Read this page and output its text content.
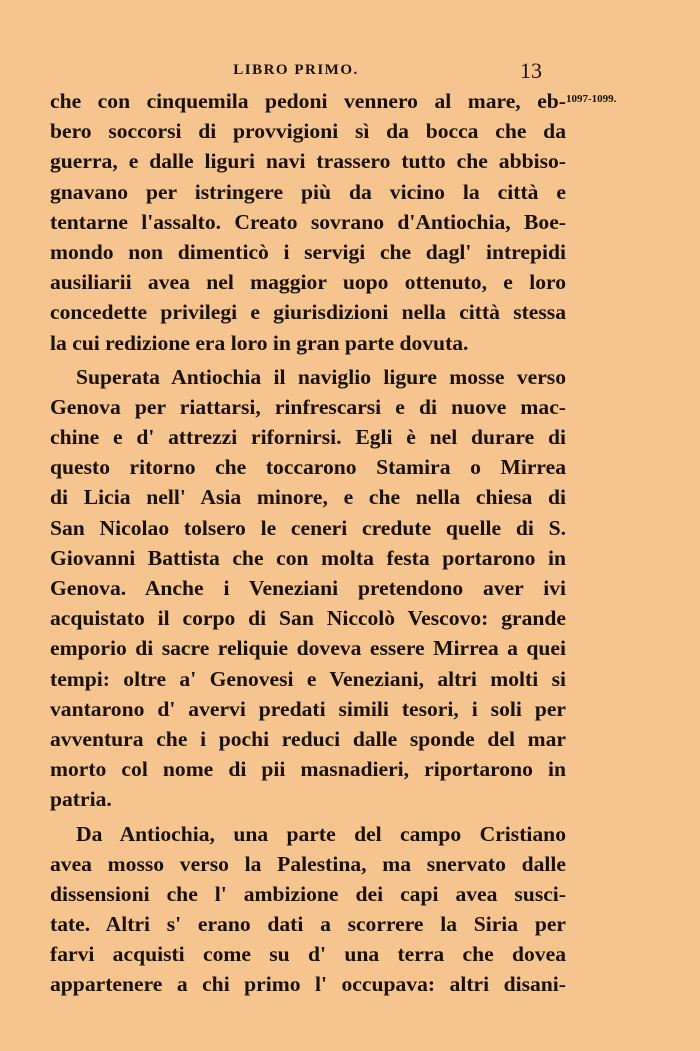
LIBRO PRIMO.	13
1097-1099.
che con cinquemila pedoni vennero al mare, eb-
bero soccorsi di provvigioni sì da bocca che da
guerra, e dalle liguri navi trassero tutto che abbiso-
gnavano per istringere più da vicino la città e
tentarne l'assalto. Creato sovrano d'Antiochia, Boe-
mondo non dimenticò i servigi che dagl' intrepidi
ausiliarii avea nel maggior uopo ottenuto, e loro
concedette privilegi e giurisdizioni nella città stessa
la cui redizione era loro in gran parte dovuta.
Superata Antiochia il naviglio ligure mosse verso
Genova per riattarsi, rinfrescarsi e di nuove mac-
chine e d' attrezzi rifornirsi. Egli è nel durare di
questo ritorno che toccarono Stamira o Mirrea
di Licia nell' Asia minore, e che nella chiesa di
San Nicolao tolsero le ceneri credute quelle di S.
Giovanni Battista che con molta festa portarono in
Genova. Anche i Veneziani pretendono aver ivi
acquistato il corpo di San Niccolò Vescovo: grande
emporio di sacre reliquie doveva essere Mirrea a quei
tempi: oltre a' Genovesi e Veneziani, altri molti si
vantarono d' avervi predati simili tesori, i soli per
avventura che i pochi reduci dalle sponde del mar
morto col nome di pii masnadieri, riportarono in
patria.
Da Antiochia, una parte del campo Cristiano
avea mosso verso la Palestina, ma snervato dalle
dissensioni che l' ambizione dei capi avea susci-
tate. Altri s' erano dati a scorrere la Siria per
farvi acquisti come su d' una terra che dovea
appartenere a chi primo l' occupava: altri disani-
